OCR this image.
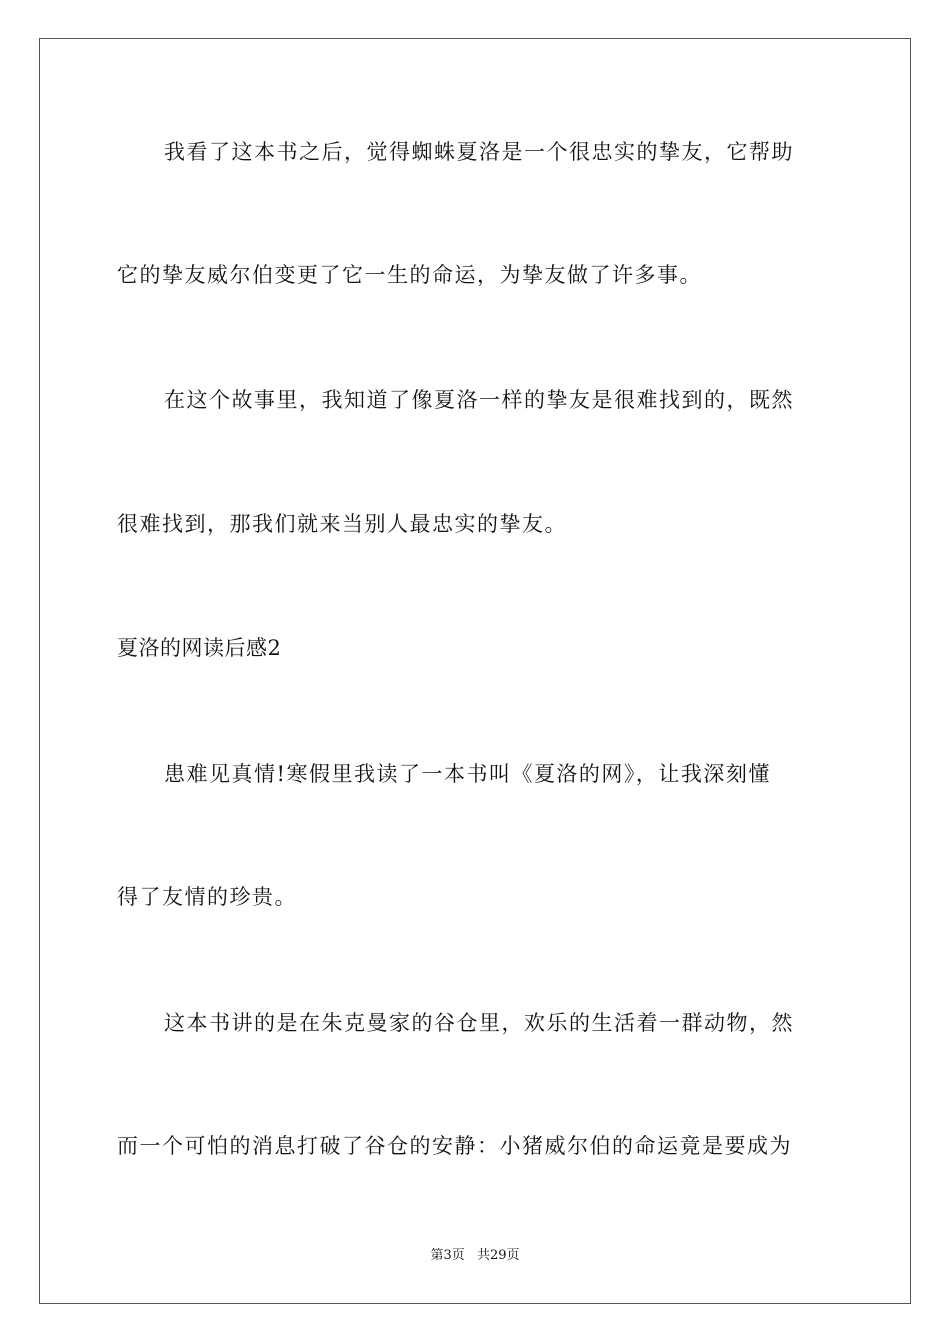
我看了这本书之后，觉得蜘蛛夏洛是一个很忠实的挚友，它帮助
它的挚友威尔伯变更了它一生的命运，为挚友做了许多事。
在这个故事里，我知道了像夏洛一样的挚友是很难找到的，既然
很难找到，那我们就来当别人最忠实的挚友。
夏洛的网读后感2
患难见真情!寒假里我读了一本书叫《夏洛的网》，让我深刻懂
得了友情的珍贵。
这本书讲的是在朱克曼家的谷仓里，欢乐的生活着一群动物，然
而一个可怕的消息打破了谷仓的安静：小猪威尔伯的命运竟是要成为
第3页 共29页
